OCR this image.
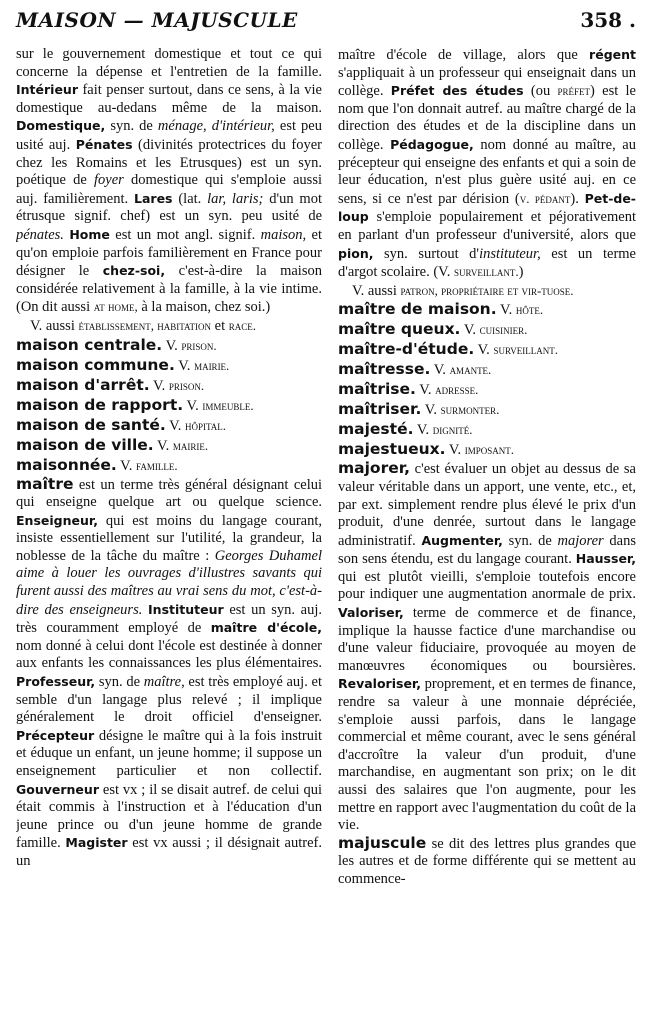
MAISON — MAJUSCULE	358 .

sur le gouvernement domestique et tout ce qui concerne la dépense et l'entretien de la famille. Intérieur fait penser surtout, dans ce sens, à la vie domestique au-dedans même de la maison. Domestique, syn. de ménage, d'intérieur, est peu usité auj. Pénates (divinités protectrices du foyer chez les Romains et les Etrusques) est un syn. poétique de foyer domestique qui s'emploie aussi auj. familièrement. Lares (lat. lar, laris; d'un mot étrusque signif. chef) est un syn. peu usité de pénates. Home est un mot angl. signif. maison, et qu'on emploie parfois familièrement en France pour désigner le chez-soi, c'est-à-dire la maison considérée relativement à la famille, à la vie intime. (On dit aussi at home, à la maison, chez soi.)

V. aussi établissement, habitation et race.

maison centrale. V. prison.

maison commune. V. mairie.

maison d'arrêt. V. prison.

maison de rapport. V. immeuble.

maison de santé. V. hôpital.

maison de ville. V. mairie.

maisonnée. V. famille.

maître est un terme très général désignant celui qui enseigne quelque art ou quelque science. Enseigneur, qui est moins du langage courant, insiste essentiellement sur l'utilité, la grandeur, la noblesse de la tâche du maître : Georges Duhamel aime à louer les ouvrages d'illustres savants qui furent aussi des maîtres au vrai sens du mot, c'est-à-dire des enseigneurs. Instituteur est un syn. auj. très couramment employé de maître d'école, nom donné à celui dont l'école est destinée à donner aux enfants les connaissances les plus élémentaires. Professeur, syn. de maître, est très employé auj. et semble d'un langage plus relevé ; il implique généralement le droit officiel d'enseigner. Précepteur désigne le maître qui à la fois instruit et éduque un enfant, un jeune homme; il suppose un enseignement particulier et non collectif. Gouverneur est vx ; il se disait autref. de celui qui était commis à l'instruction et à l'éducation d'un jeune prince ou d'un jeune homme de grande famille. Magister est vx aussi ; il désignait autref. un

maître d'école de village, alors que régent s'appliquait à un professeur qui enseignait dans un collège. Préfet des études (ou préfet) est le nom que l'on donnait autref. au maître chargé de la direction des études et de la discipline dans un collège. Pédagogue, nom donné au maître, au précepteur qui enseigne des enfants et qui a soin de leur éducation, n'est plus guère usité auj. en ce sens, si ce n'est par dérision (v. pédant). Pet-de-loup s'emploie populairement et péjorativement en parlant d'un professeur d'université, alors que pion, syn. surtout d'instituteur, est un terme d'argot scolaire. (V. surveillant.)

V. aussi patron, propriétaire et vir-tuose.

maître de maison. V. hôte.

maître queux. V. cuisinier.

maître-d'étude. V. surveillant.

maîtresse. V. amante.

maîtrise. V. adresse.

maîtriser. V. surmonter.

majesté. V. dignité.

majestueux. V. imposant.

majorer, c'est évaluer un objet au dessus de sa valeur véritable dans un apport, une vente, etc., et, par ext. simplement rendre plus élevé le prix d'un produit, d'une denrée, surtout dans le langage administratif. Augmenter, syn. de majorer dans son sens étendu, est du langage courant. Hausser, qui est plutôt vieilli, s'emploie toutefois encore pour indiquer une augmentation anormale de prix. Valoriser, terme de commerce et de finance, implique la hausse factice d'une marchandise ou d'une valeur fiduciaire, provoquée au moyen de manœuvres économiques ou boursières. Revaloriser, proprement, et en termes de finance, rendre sa valeur à une monnaie dépréciée, s'emploie aussi parfois, dans le langage commercial et même courant, avec le sens général d'accroître la valeur d'un produit, d'une marchandise, en augmentant son prix; on le dit aussi des salaires que l'on augmente, pour les mettre en rapport avec l'augmentation du coût de la vie.

majuscule se dit des lettres plus grandes que les autres et de forme différente qui se mettent au commence-
